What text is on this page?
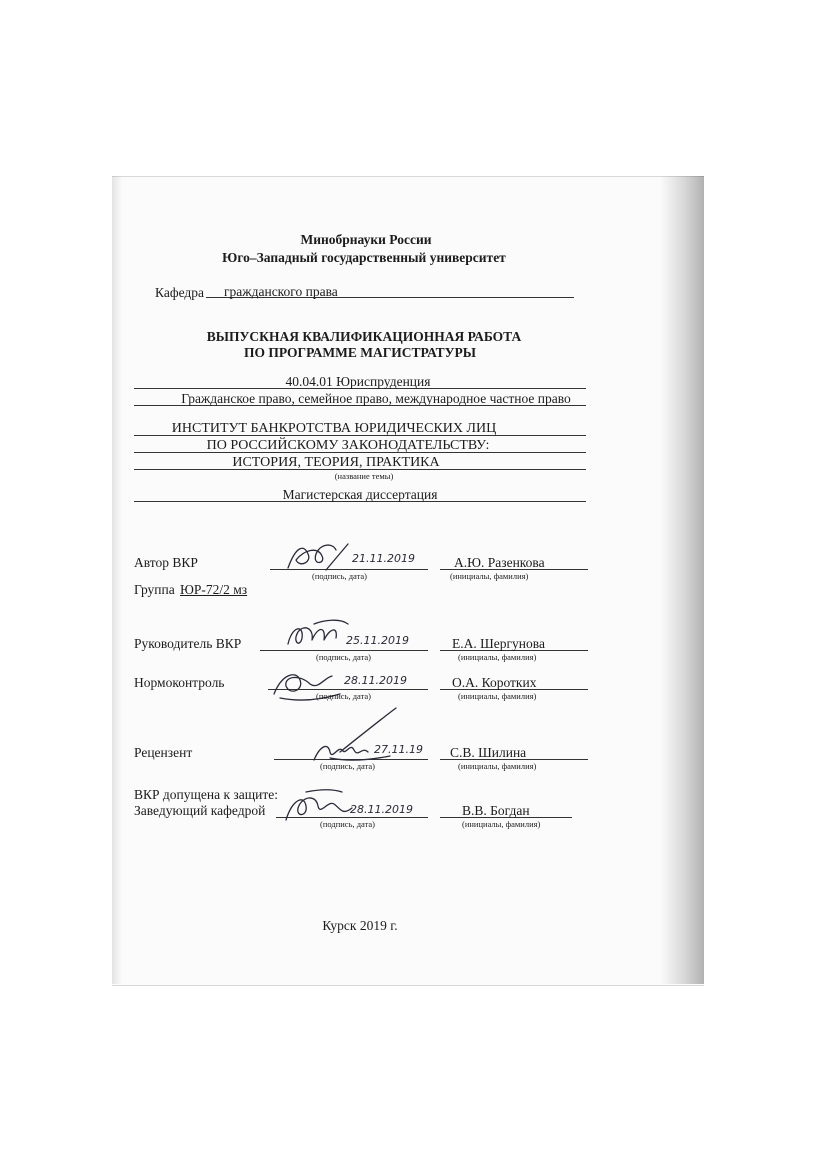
Минобрнауки России
Юго–Западный государственный университет
Кафедра гражданского права
ВЫПУСКНАЯ КВАЛИФИКАЦИОННАЯ РАБОТА
ПО ПРОГРАММЕ МАГИСТРАТУРЫ
40.04.01 Юриспруденция
Гражданское право, семейное право, международное частное право
ИНСТИТУТ БАНКРОТСТВА ЮРИДИЧЕСКИХ ЛИЦ
ПО РОССИЙСКОМУ ЗАКОНОДАТЕЛЬСТВУ:
ИСТОРИЯ, ТЕОРИЯ, ПРАКТИКА
(название темы)
Магистерская диссертация
Автор ВКР	21.11.2019
(подпись, дата)
А.Ю. Разенкова
(инициалы, фамилия)
Группа ЮР-72/2 мз
Руководитель ВКР	25.11.2019
(подпись, дата)
Е.А. Шергунова
(инициалы, фамилия)
Нормоконтроль	28.11.2019
(подпись, дата)
О.А. Коротких
(инициалы, фамилия)
Рецензент	27.11.19
(подпись, дата)
С.В. Шилина
(инициалы, фамилия)
ВКР допущена к защите:
Заведующий кафедрой	28.11.2019
(подпись, дата)
В.В. Богдан
(инициалы, фамилия)
Курск 2019 г.
